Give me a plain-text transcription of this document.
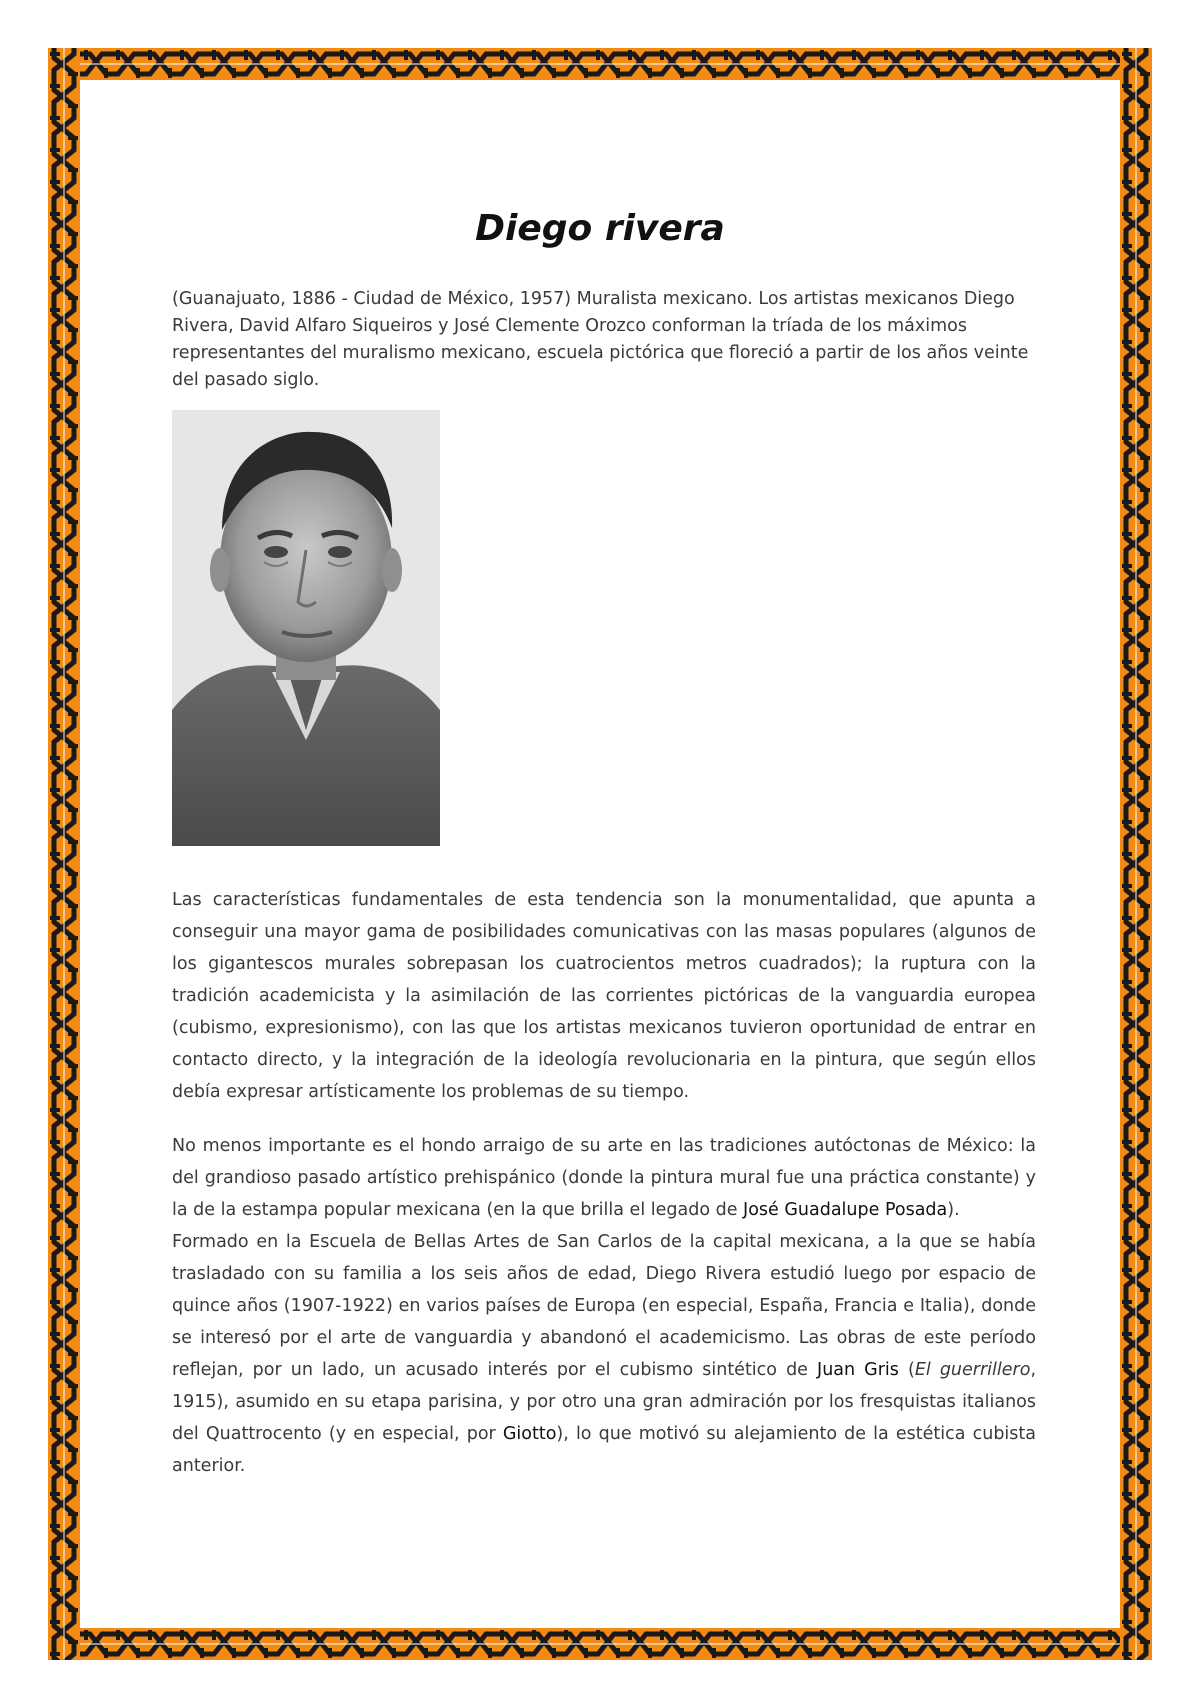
Diego rivera

(Guanajuato, 1886 - Ciudad de México, 1957) Muralista mexicano. Los artistas mexicanos Diego Rivera, David Alfaro Siqueiros y José Clemente Orozco conforman la tríada de los máximos representantes del muralismo mexicano, escuela pictórica que floreció a partir de los años veinte del pasado siglo.

Las características fundamentales de esta tendencia son la monumentalidad, que apunta a conseguir una mayor gama de posibilidades comunicativas con las masas populares (algunos de los gigantescos murales sobrepasan los cuatrocientos metros cuadrados); la ruptura con la tradición academicista y la asimilación de las corrientes pictóricas de la vanguardia europea (cubismo, expresionismo), con las que los artistas mexicanos tuvieron oportunidad de entrar en contacto directo, y la integración de la ideología revolucionaria en la pintura, que según ellos debía expresar artísticamente los problemas de su tiempo.

No menos importante es el hondo arraigo de su arte en las tradiciones autóctonas de México: la del grandioso pasado artístico prehispánico (donde la pintura mural fue una práctica constante) y la de la estampa popular mexicana (en la que brilla el legado de José Guadalupe Posada).
Formado en la Escuela de Bellas Artes de San Carlos de la capital mexicana, a la que se había trasladado con su familia a los seis años de edad, Diego Rivera estudió luego por espacio de quince años (1907-1922) en varios países de Europa (en especial, España, Francia e Italia), donde se interesó por el arte de vanguardia y abandonó el academicismo. Las obras de este período reflejan, por un lado, un acusado interés por el cubismo sintético de Juan Gris (El guerrillero, 1915), asumido en su etapa parisina, y por otro una gran admiración por los fresquistas italianos del Quattrocento (y en especial, por Giotto), lo que motivó su alejamiento de la estética cubista anterior.
